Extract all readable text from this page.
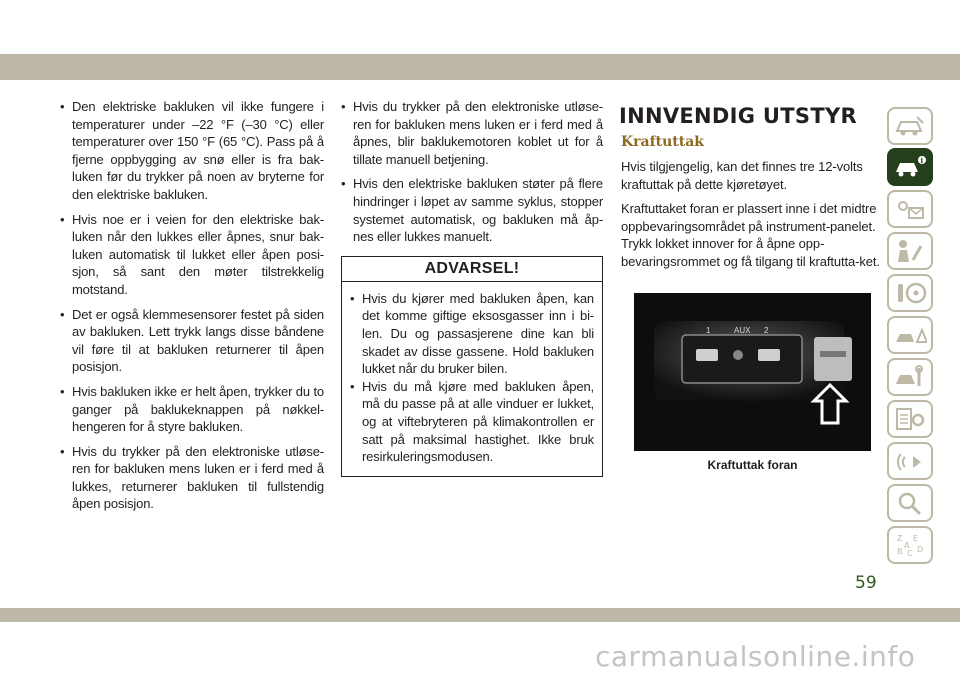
• Den elektriske bakluken vil ikke fungere i temperaturer under –22 °F (–30 °C) eller temperaturer over 150 °F (65 °C). Pass på å fjerne oppbygging av snø eller is fra bak-luken før du trykker på noen av bryterne for den elektriske bakluken.
• Hvis noe er i veien for den elektriske bak-luken når den lukkes eller åpnes, snur bak-luken automatisk til lukket eller åpen posi-sjon, så sant den møter tilstrekkelig motstand.
• Det er også klemmesensorer festet på siden av bakluken. Lett trykk langs disse båndene vil føre til at bakluken returnerer til åpen posisjon.
• Hvis bakluken ikke er helt åpen, trykker du to ganger på baklukeknappen på nøkkel-hengeren for å styre bakluken.
• Hvis du trykker på den elektroniske utløse-ren for bakluken mens luken er i ferd med å lukkes, returnerer bakluken til fullstendig åpen posisjon.
• Hvis du trykker på den elektroniske utløse-ren for bakluken mens luken er i ferd med å åpnes, blir baklukemotoren koblet ut for å tillate manuell betjening.
• Hvis den elektriske bakluken støter på flere hindringer i løpet av samme syklus, stopper systemet automatisk, og bakluken må åp-nes eller lukkes manuelt.
ADVARSEL!
• Hvis du kjører med bakluken åpen, kan det komme giftige eksosgasser inn i bi-len. Du og passasjerene dine kan bli skadet av disse gassene. Hold bakluken lukket når du bruker bilen.
• Hvis du må kjøre med bakluken åpen, må du passe på at alle vinduer er lukket, og at viftebryteren på klimakontrollen er satt på maksimal hastighet. Ikke bruk resirkuleringsmodusen.
INNVENDIG UTSTYR
Kraftuttak

Hvis tilgjengelig, kan det finnes tre 12-volts kraftuttak på dette kjøretøyet.

Kraftuttaket foran er plassert inne i det midtre oppbevaringsområdet på instrument-panelet. Trykk lokket innover for å åpne opp-bevaringsrommet og få tilgang til kraftutta-ket.

1	AUX 2
Kraftuttak foran
i
Z E
A
B C D
59
carmanualsonline.info
